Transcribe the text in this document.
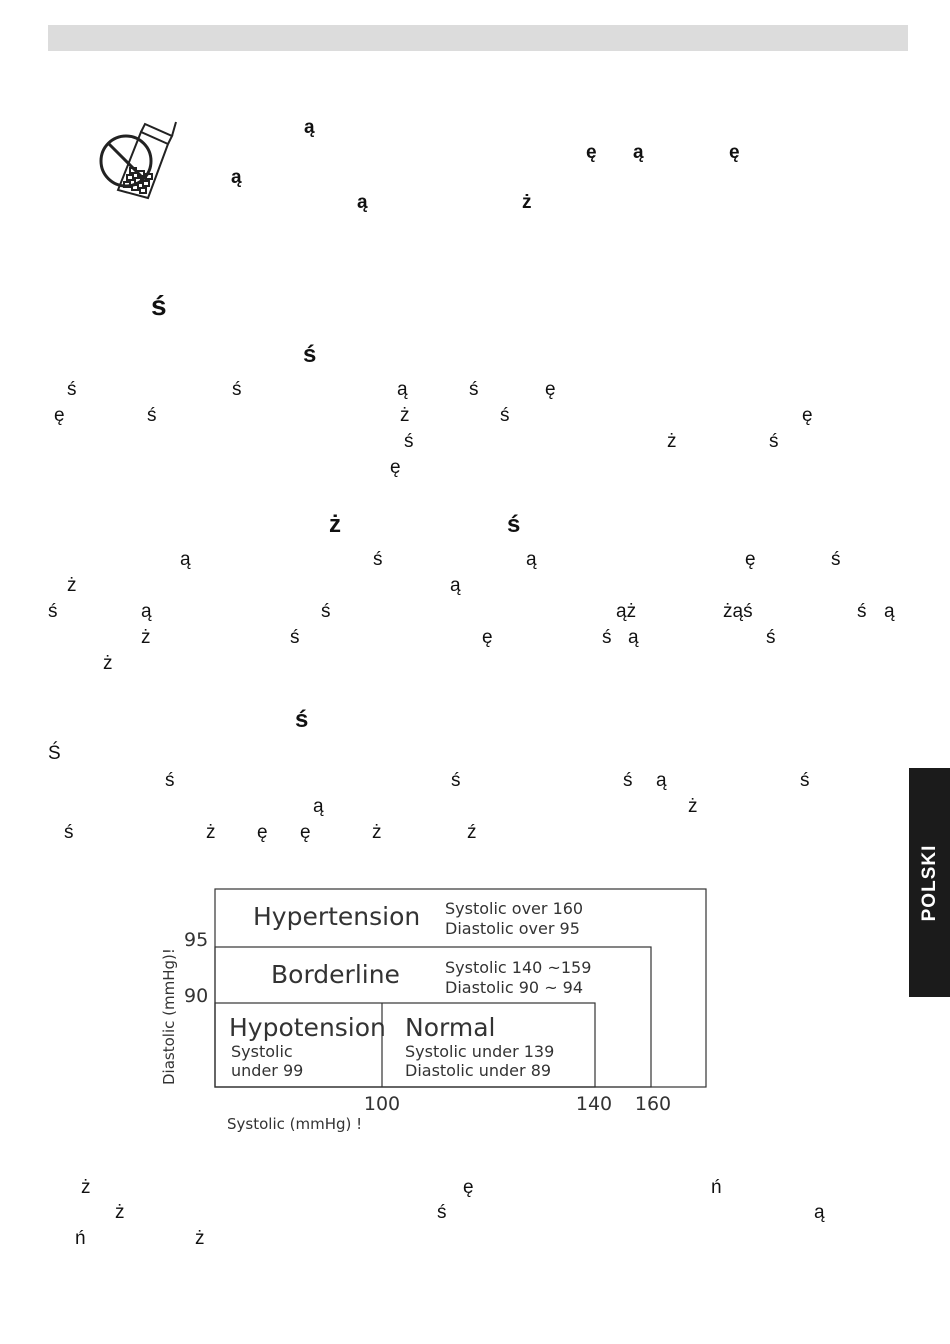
ą
ę ą	ę
ą
ą	ż
ś
ś
ś	ś	ą	ś	ę
ę	ś	ż	ś	ę
ś	ż	ś
ę
ż	ś
ą	ś	ą	ę	ś
ż	ą
ś	ą	ś	ąż	żąś	ś ą
ż	ś	ę	ś ą	ś
ż
ś
Ś
ś	ś	ś ą	ś
ą	ż
ś	ż ę ę	ż	ź
ż	ę	ń
ż	ś	ą
ń	ż
Hypertension Systolic over 160
Diastolic over 95
Borderline	Systolic 140 ~159
Diastolic 90 ~ 94
Hypotension
Systolic
under 99
Normal
Systolic under 139
Diastolic under 89
95
90
100	140 160
Systolic (mmHg) !
Diastolic (mmHg)!
POLSKI
